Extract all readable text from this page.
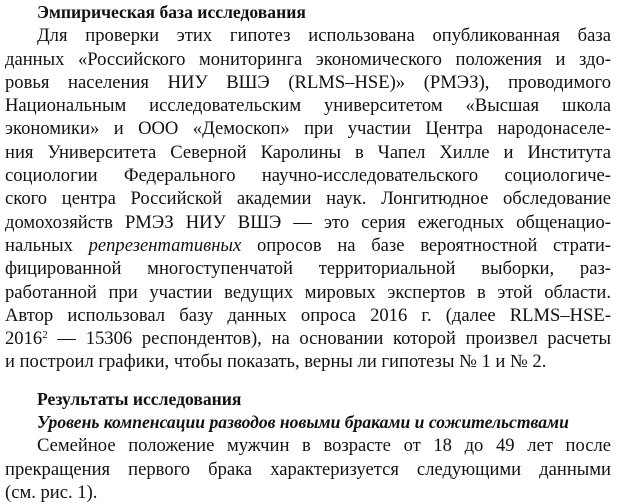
Эмпирическая база исследования

Для проверки этих гипотез использована опубликованная база
данных «Российского мониторинга экономического положения и здо-
ровья населения НИУ ВШЭ (RLMS–HSE)» (РМЭЗ), проводимого
Национальным исследовательским университетом «Высшая школа
экономики» и ООО «Демоскоп» при участии Центра народонаселе-
ния Университета Северной Каролины в Чапел Хилле и Института
социологии Федерального научно-исследовательского социологиче-
ского центра Российской академии наук. Лонгитюдное обследование
домохозяйств РМЭЗ НИУ ВШЭ — это серия ежегодных общенацио-
нальных репрезентативных опросов на базе вероятностной страти-
фицированной многоступенчатой территориальной выборки, раз-
работанной при участии ведущих мировых экспертов в этой области.
Автор использовал базу данных опроса 2016 г. (далее RLMS–HSE-
2016$^2$ — 15306 респондентов), на основании которой произвел расчеты
и построил графики, чтобы показать, верны ли гипотезы № 1 и № 2.

Результаты исследования
Уровень компенсации разводов новыми браками и сожительствами

Семейное положение мужчин в возрасте от 18 до 49 лет после
прекращения первого брака характеризуется следующими данными
(см. рис. 1).
